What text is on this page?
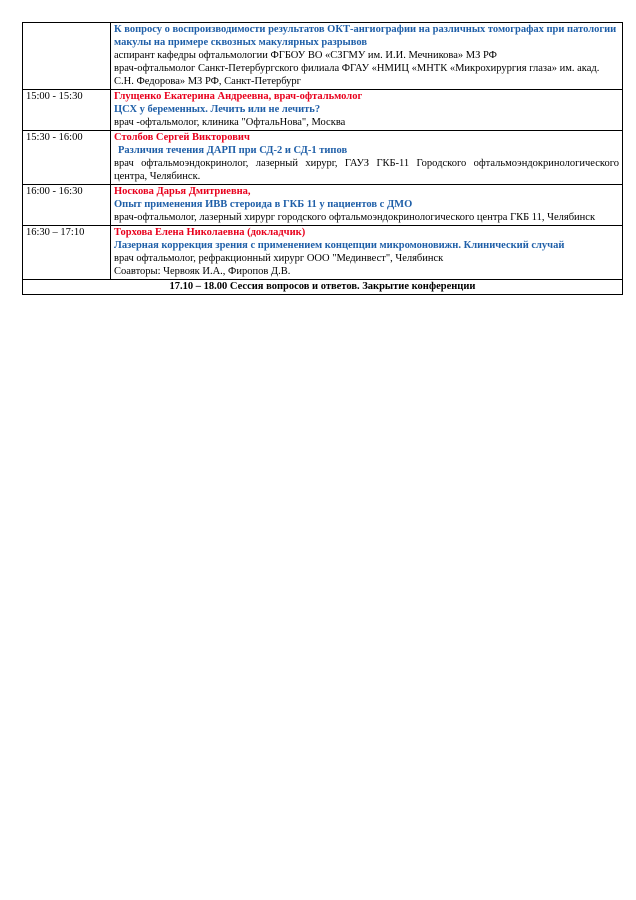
	К вопросу о воспроизводимости результатов ОКТ-ангиографии на различных томографах при патологии макулы на примере сквозных макулярных разрывов
аспирант кафедры офтальмологии ФГБОУ ВО «СЗГМУ им. И.И. Мечникова» МЗ РФ
врач-офтальмолог Санкт-Петербургского филиала ФГАУ «НМИЦ «МНТК «Микрохирургия глаза» им. акад. С.Н. Федорова» МЗ РФ, Санкт-Петербург

15:00 - 15:30	Глущенко Екатерина Андреевна, врач-офтальмолог
ЦСХ у беременных. Лечить или не лечить?
врач -офтальмолог, клиника "ОфтальНова", Москва

15:30 - 16:00	Столбов Сергей Викторович
Различия течения ДАРП при СД-2 и СД-1 типов
врач офтальмоэндокринолог, лазерный хирург, ГАУЗ ГКБ-11 Городского офтальмоэндокринологического центра, Челябинск.

16:00 - 16:30	Носкова Дарья Дмитриевна,
Опыт применения ИВВ стероида в ГКБ 11 у пациентов с ДМО
врач-офтальмолог, лазерный хирург городского офтальмоэндокринологического центра ГКБ 11, Челябинск

16:30 – 17:10	Торхова Елена Николаевна (докладчик)
Лазерная коррекция зрения с применением концепции микромоновижн. Клинический случай
врач офтальмолог, рефракционный хирург ООО "Мединвест", Челябинск
Соавторы: Червояк И.А., Фиропов Д.В.

17.10 – 18.00 Сессия вопросов и ответов. Закрытие конференции	
